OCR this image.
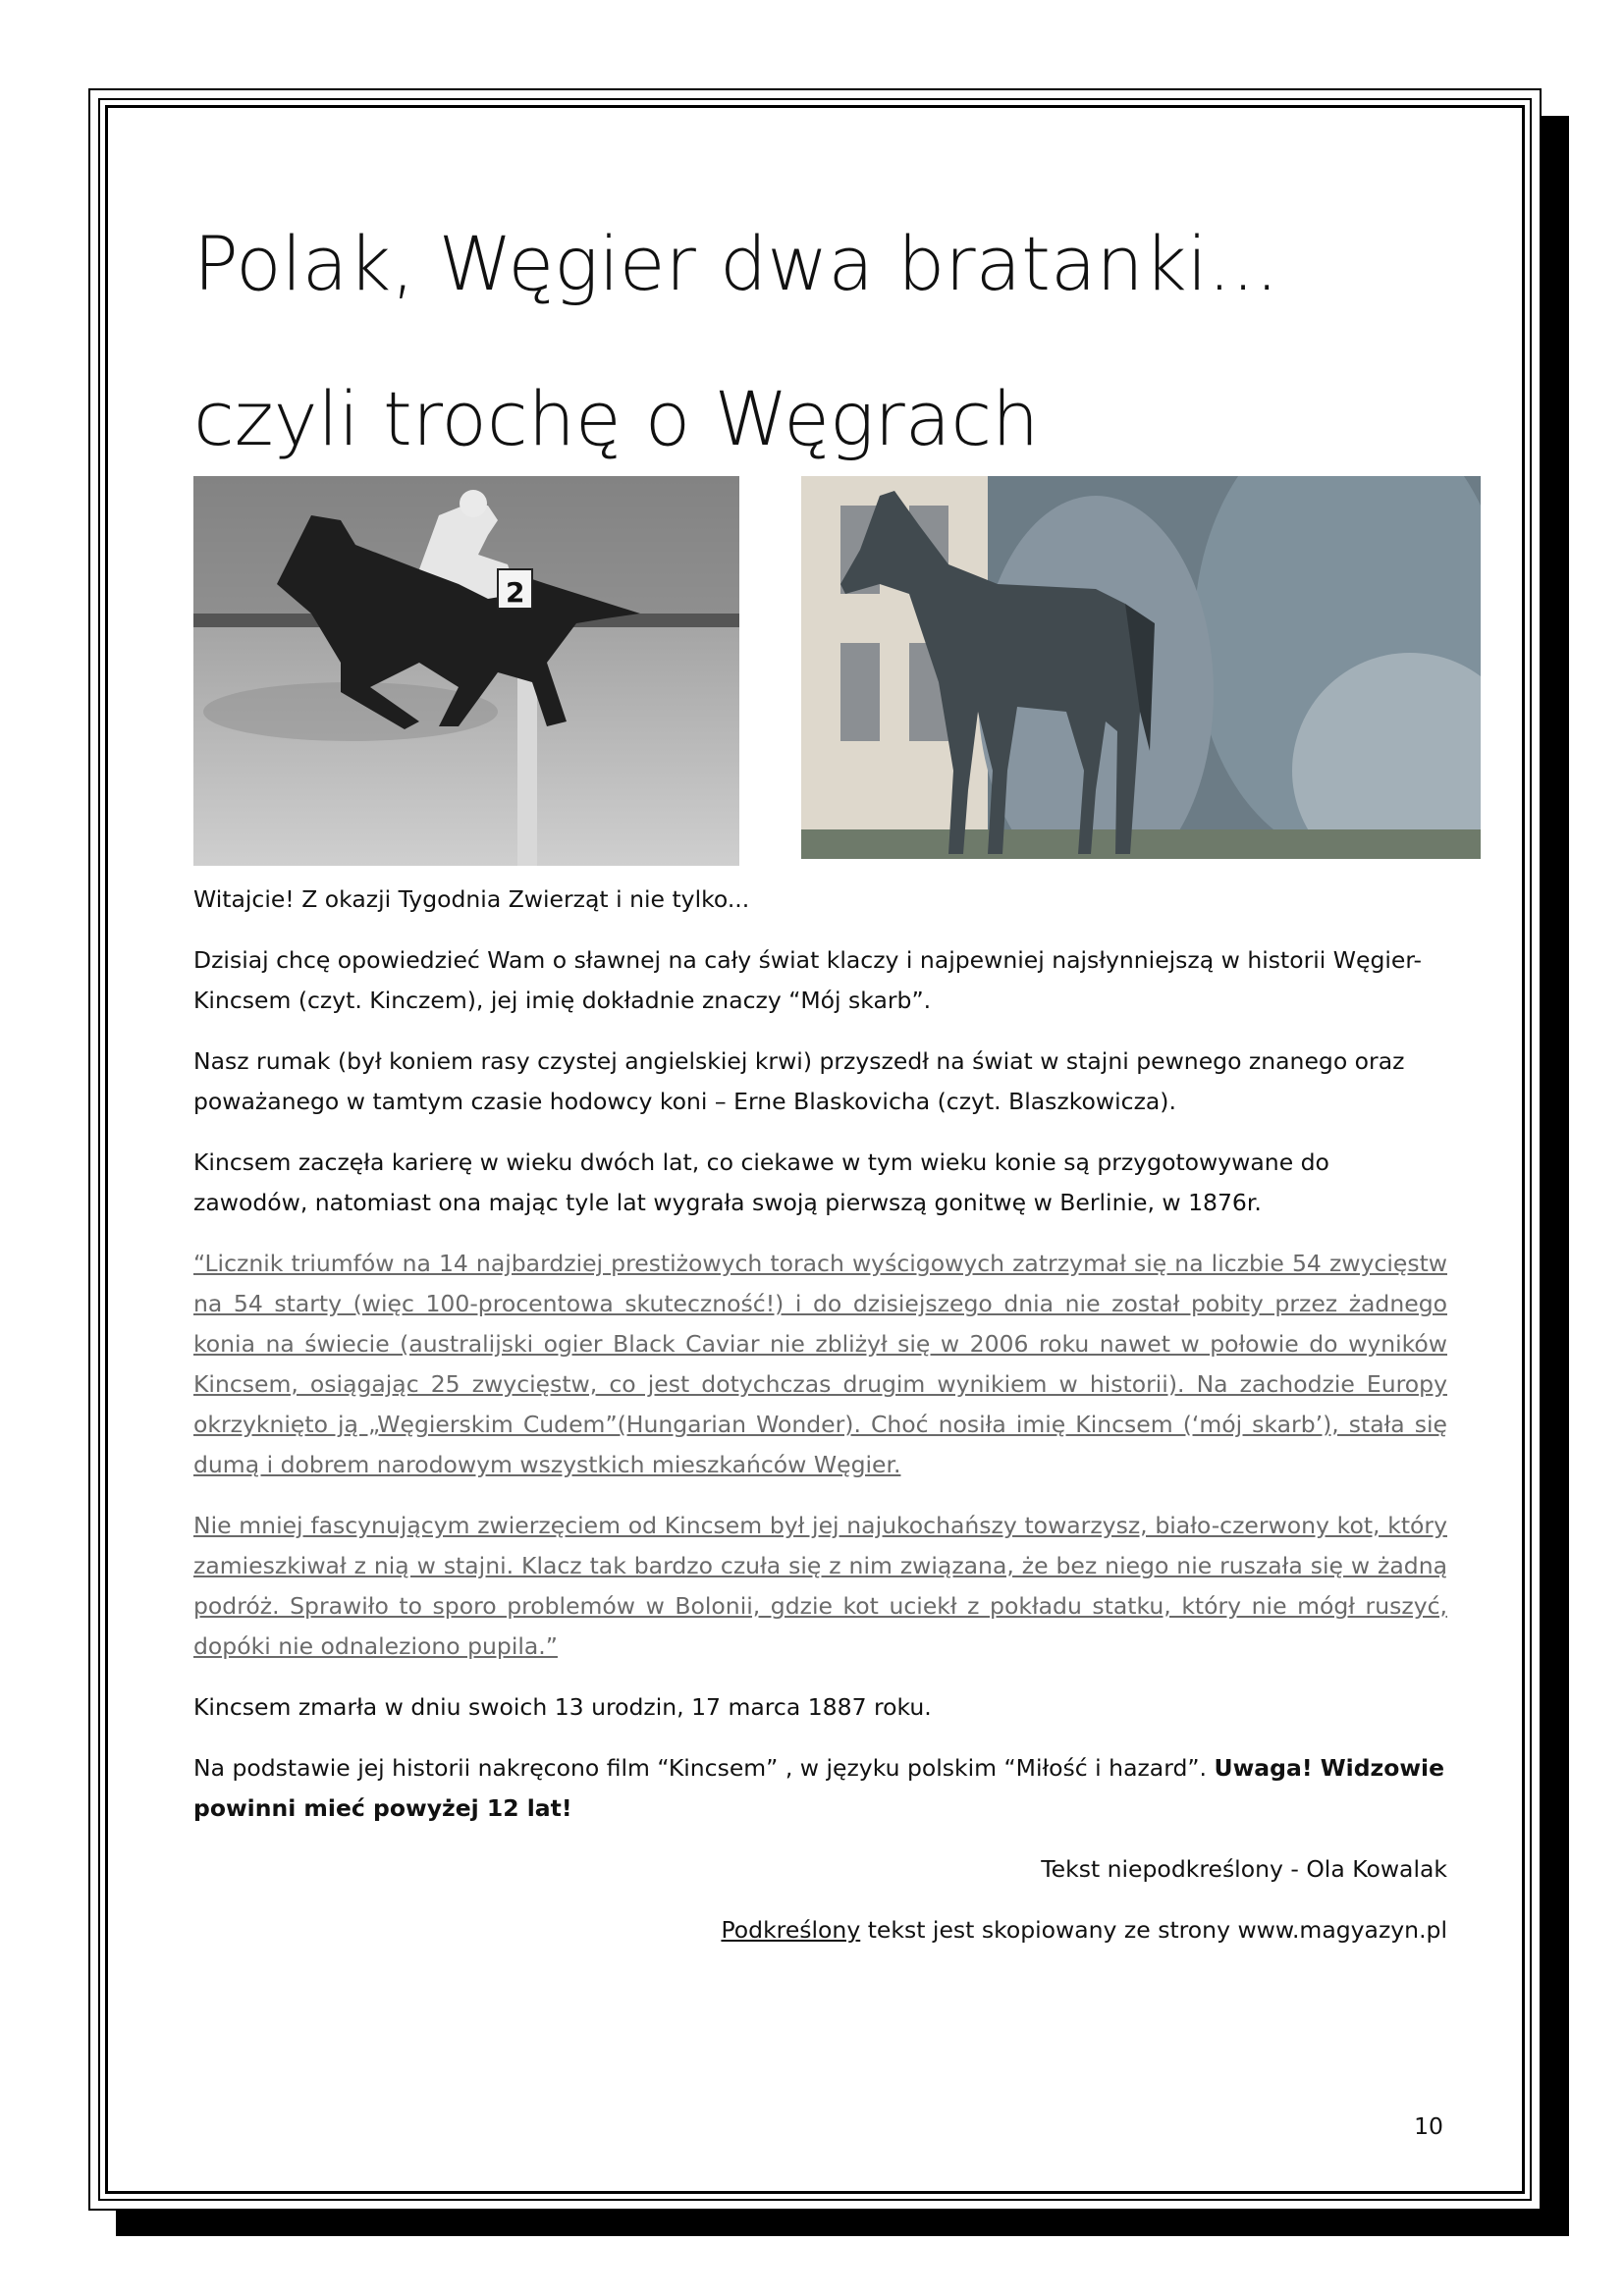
Polak, Węgier dwa bratanki...
czyli trochę o Węgrach
2

Witajcie! Z okazji Tygodnia Zwierząt i nie tylko...

Dzisiaj chcę opowiedzieć Wam o sławnej na cały świat klaczy i najpewniej najsłynniejszą w historii Węgier- Kincsem (czyt. Kinczem), jej imię dokładnie znaczy “Mój skarb”.

Nasz rumak (był koniem rasy czystej angielskiej krwi) przyszedł na świat w stajni pewnego znanego oraz poważanego w tamtym czasie hodowcy koni – Erne Blaskovicha (czyt. Blaszkowicza).

Kincsem zaczęła karierę w wieku dwóch lat, co ciekawe w tym wieku konie są przygotowywane do zawodów, natomiast ona mając tyle lat wygrała swoją pierwszą gonitwę w Berlinie, w 1876r.

“Licznik triumfów na 14 najbardziej prestiżowych torach wyścigowych zatrzymał się na liczbie 54 zwycięstw na 54 starty (więc 100-procentowa skuteczność!) i do dzisiejszego dnia nie został pobity przez żadnego konia na świecie (australijski ogier Black Caviar nie zbliżył się w 2006 roku nawet w połowie do wyników Kincsem, osiągając 25 zwycięstw, co jest dotychczas drugim wynikiem w historii). Na zachodzie Europy okrzyknięto ją „Węgierskim Cudem”(Hungarian Wonder). Choć nosiła imię Kincsem (‘mój skarb’), stała się dumą i dobrem narodowym wszystkich mieszkańców Węgier.

Nie mniej fascynującym zwierzęciem od Kincsem był jej najukochańszy towarzysz, biało-czerwony kot, który zamieszkiwał z nią w stajni. Klacz tak bardzo czuła się z nim związana, że bez niego nie ruszała się w żadną podróż. Sprawiło to sporo problemów w Bolonii, gdzie kot uciekł z pokładu statku, który nie mógł ruszyć, dopóki nie odnaleziono pupila.”

Kincsem zmarła w dniu swoich 13 urodzin, 17 marca 1887 roku.

Na podstawie jej historii nakręcono film “Kincsem” , w języku polskim “Miłość i hazard”. Uwaga! Widzowie powinni mieć powyżej 12 lat!

Tekst niepodkreślony - Ola Kowalak

Podkreślony tekst jest skopiowany ze strony www.magyazyn.pl

10
